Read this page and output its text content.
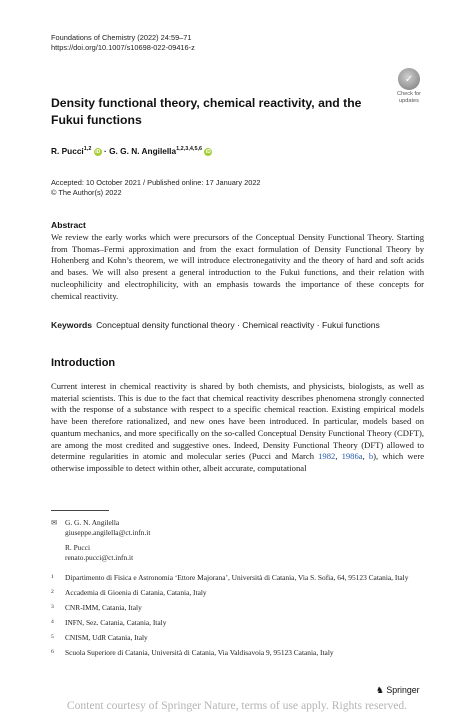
Foundations of Chemistry (2022) 24:59–71
https://doi.org/10.1007/s10698-022-09416-z
✓
Check for
updates
Density functional theory, chemical reactivity, and the Fukui functions
R. Pucci$^{1,2}$ iD · G. G. N. Angilella$^{1,2,3,4,5,6}$ iD
Accepted: 10 October 2021 / Published online: 17 January 2022
© The Author(s) 2022
Abstract
We review the early works which were precursors of the Conceptual Density Functional Theory. Starting from Thomas–Fermi approximation and from the exact formulation of Density Functional Theory by Hohenberg and Kohn’s theorem, we will introduce electronegativity and the theory of hard and soft acids and bases. We will also present a general introduction to the Fukui functions, and their relation with nucleophilicity and electrophilicity, with an emphasis towards the importance of these concepts for chemical reactivity.
Keywords Conceptual density functional theory · Chemical reactivity · Fukui functions
Introduction
Current interest in chemical reactivity is shared by both chemists, and physicists, biologists, as well as material scientists. This is due to the fact that chemical reactivity describes phenomena strongly connected with the response of a substance with respect to a specific chemical reaction. Existing empirical models have been therefore rationalized, and new ones have been introduced. In particular, models based on quantum mechanics, and more specifically on the so-called Conceptual Density Functional Theory (CDFT), are among the most credited and suggestive ones. Indeed, Density Functional Theory (DFT) allowed to determine regularities in atomic and molecular series (Pucci and March 1982, 1986a, b), which were otherwise impossible to detect within other, albeit accurate, computational
✉	G. G. N. Angilella
giuseppe.angilella@ct.infn.it
R. Pucci
renato.pucci@ct.infn.it
1	Dipartimento di Fisica e Astronomia ‘Ettore Majorana’, Università di Catania, Via S. Sofia, 64, 95123 Catania, Italy
2	Accademia di Gioenia di Catania, Catania, Italy
3	CNR-IMM, Catania, Italy
4	INFN, Sez. Catania, Catania, Italy
5	CNISM, UdR Catania, Italy
6	Scuola Superiore di Catania, Università di Catania, Via Valdisavoia 9, 95123 Catania, Italy
♞ Springer
Content courtesy of Springer Nature, terms of use apply. Rights reserved.
